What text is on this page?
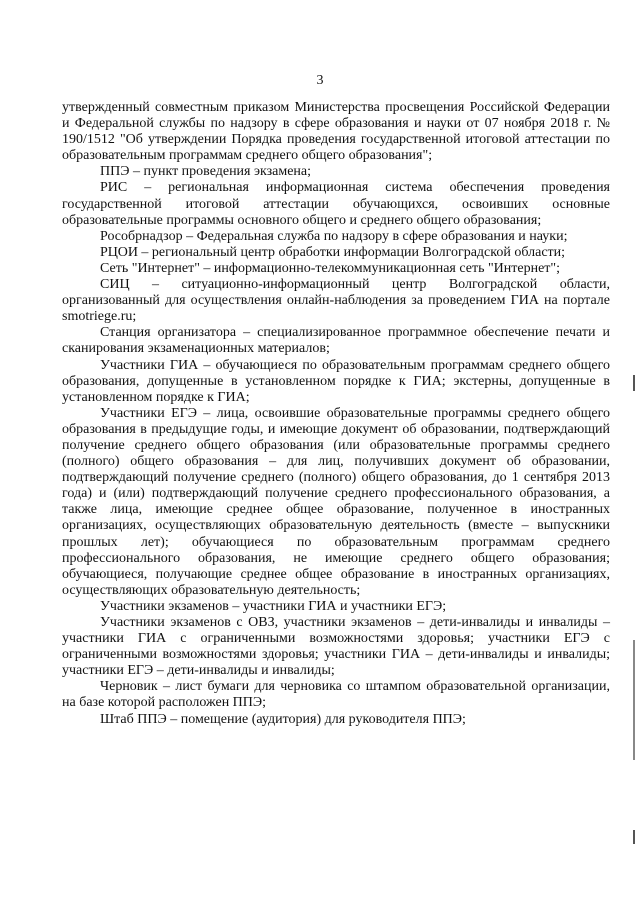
3

утвержденный совместным приказом Министерства просвещения Российской Федерации и Федеральной службы по надзору в сфере образования и науки от 07 ноября 2018 г. № 190/1512 "Об утверждении Порядка проведения государственной итоговой аттестации по образовательным программам среднего общего образования";

ППЭ – пункт проведения экзамена;

РИС – региональная информационная система обеспечения проведения государственной итоговой аттестации обучающихся, освоивших основные образовательные программы основного общего и среднего общего образования;

Рособрнадзор – Федеральная служба по надзору в сфере образования и науки;

РЦОИ – региональный центр обработки информации Волгоградской области;

Сеть "Интернет" – информационно-телекоммуникационная сеть "Интернет";

СИЦ – ситуационно-информационный центр Волгоградской области, организованный для осуществления онлайн-наблюдения за проведением ГИА на портале smotriege.ru;

Станция организатора – специализированное программное обеспечение печати и сканирования экзаменационных материалов;

Участники ГИА – обучающиеся по образовательным программам среднего общего образования, допущенные в установленном порядке к ГИА; экстерны, допущенные в установленном порядке к ГИА;

Участники ЕГЭ – лица, освоившие образовательные программы среднего общего образования в предыдущие годы, и имеющие документ об образовании, подтверждающий получение среднего общего образования (или образовательные программы среднего (полного) общего образования – для лиц, получивших документ об образовании, подтверждающий получение среднего (полного) общего образования, до 1 сентября 2013 года) и (или) подтверждающий получение среднего профессионального образования, а также лица, имеющие среднее общее образование, полученное в иностранных организациях, осуществляющих образовательную деятельность (вместе – выпускники прошлых лет); обучающиеся по образовательным программам среднего профессионального образования, не имеющие среднего общего образования; обучающиеся, получающие среднее общее образование в иностранных организациях, осуществляющих образовательную деятельность;

Участники экзаменов – участники ГИА и участники ЕГЭ;

Участники экзаменов с ОВЗ, участники экзаменов – дети-инвалиды и инвалиды – участники ГИА с ограниченными возможностями здоровья; участники ЕГЭ с ограниченными возможностями здоровья; участники ГИА – дети-инвалиды и инвалиды; участники ЕГЭ – дети-инвалиды и инвалиды;

Черновик – лист бумаги для черновика со штампом образовательной организации, на базе которой расположен ППЭ;

Штаб ППЭ – помещение (аудитория) для руководителя ППЭ;
